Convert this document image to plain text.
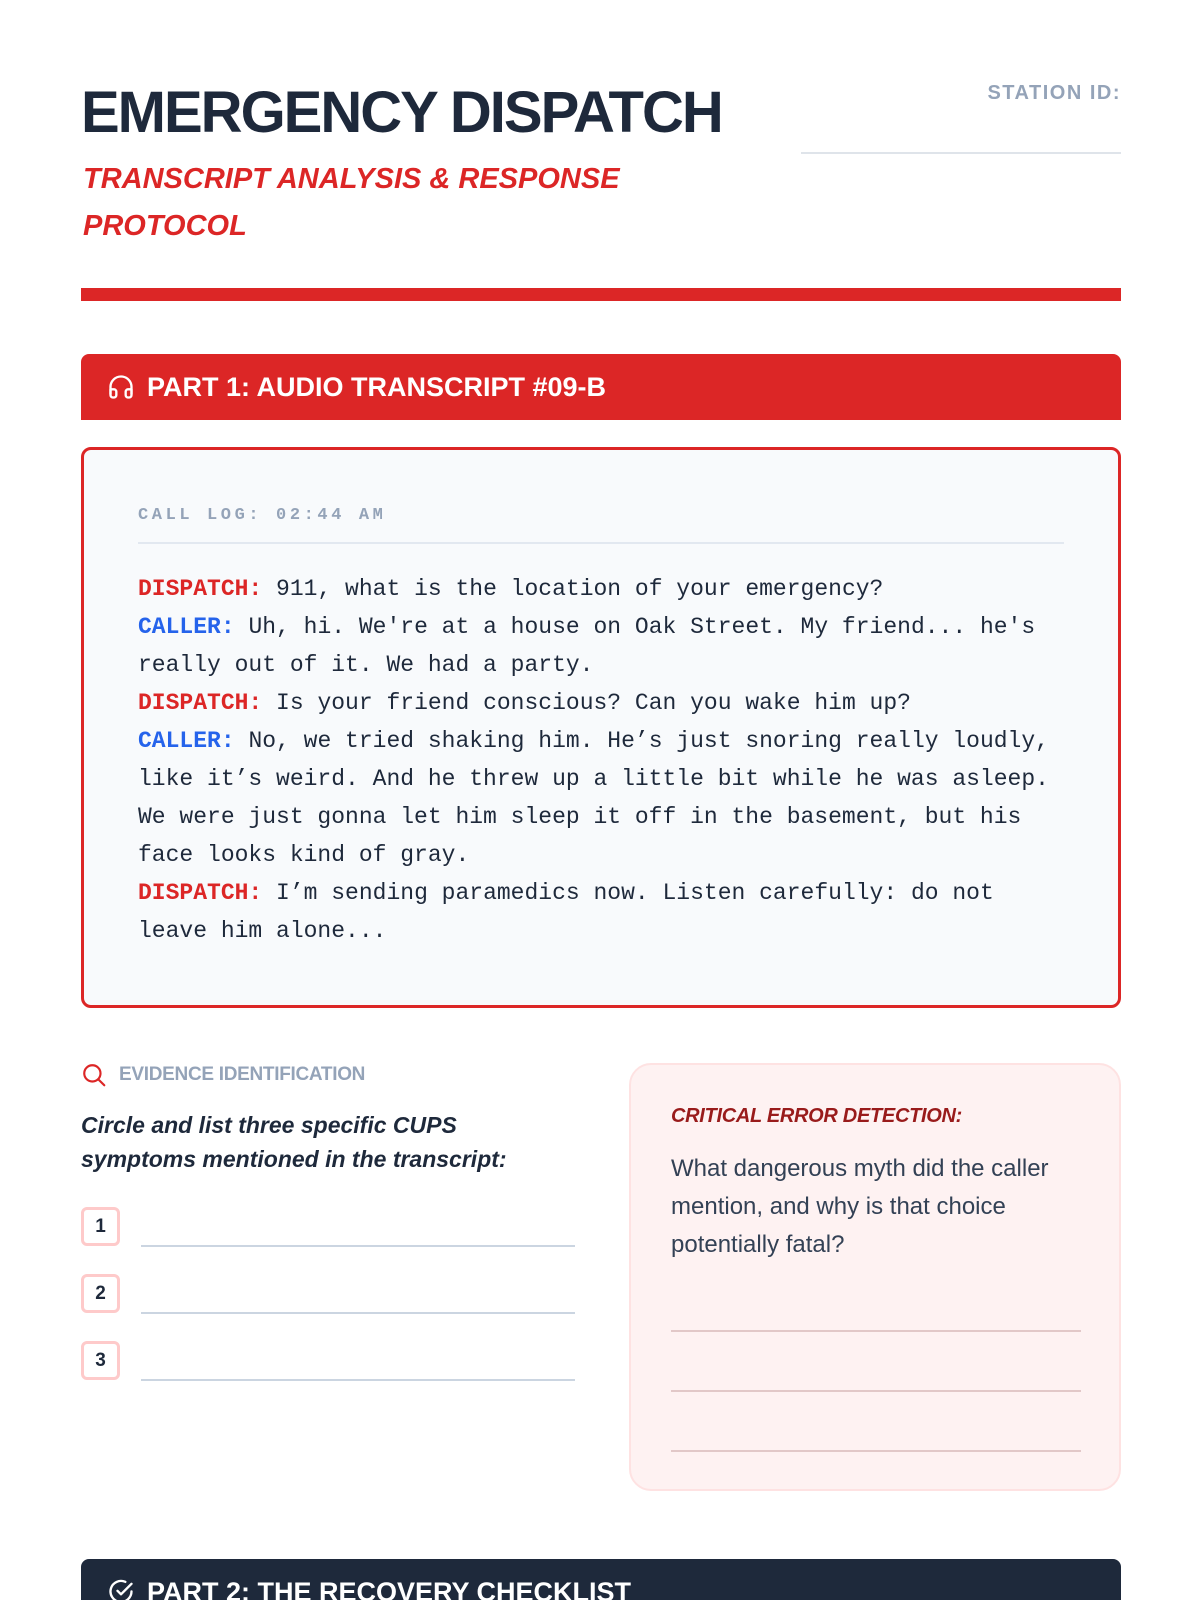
EMERGENCY DISPATCH
TRANSCRIPT ANALYSIS & RESPONSE PROTOCOL
STATION ID:
PART 1: AUDIO TRANSCRIPT #09-B
CALL LOG: 02:44 AM
DISPATCH: 911, what is the location of your emergency?
CALLER: Uh, hi. We're at a house on Oak Street. My friend... he's really out of it. We had a party.
DISPATCH: Is your friend conscious? Can you wake him up?
CALLER: No, we tried shaking him. He’s just snoring really loudly, like it’s weird. And he threw up a little bit while he was asleep. We were just gonna let him sleep it off in the basement, but his face looks kind of gray.
DISPATCH: I’m sending paramedics now. Listen carefully: do not leave him alone...
EVIDENCE IDENTIFICATION
Circle and list three specific CUPS symptoms mentioned in the transcript:
1
2
3
CRITICAL ERROR DETECTION:
What dangerous myth did the caller mention, and why is that choice potentially fatal?
PART 2: THE RECOVERY CHECKLIST
